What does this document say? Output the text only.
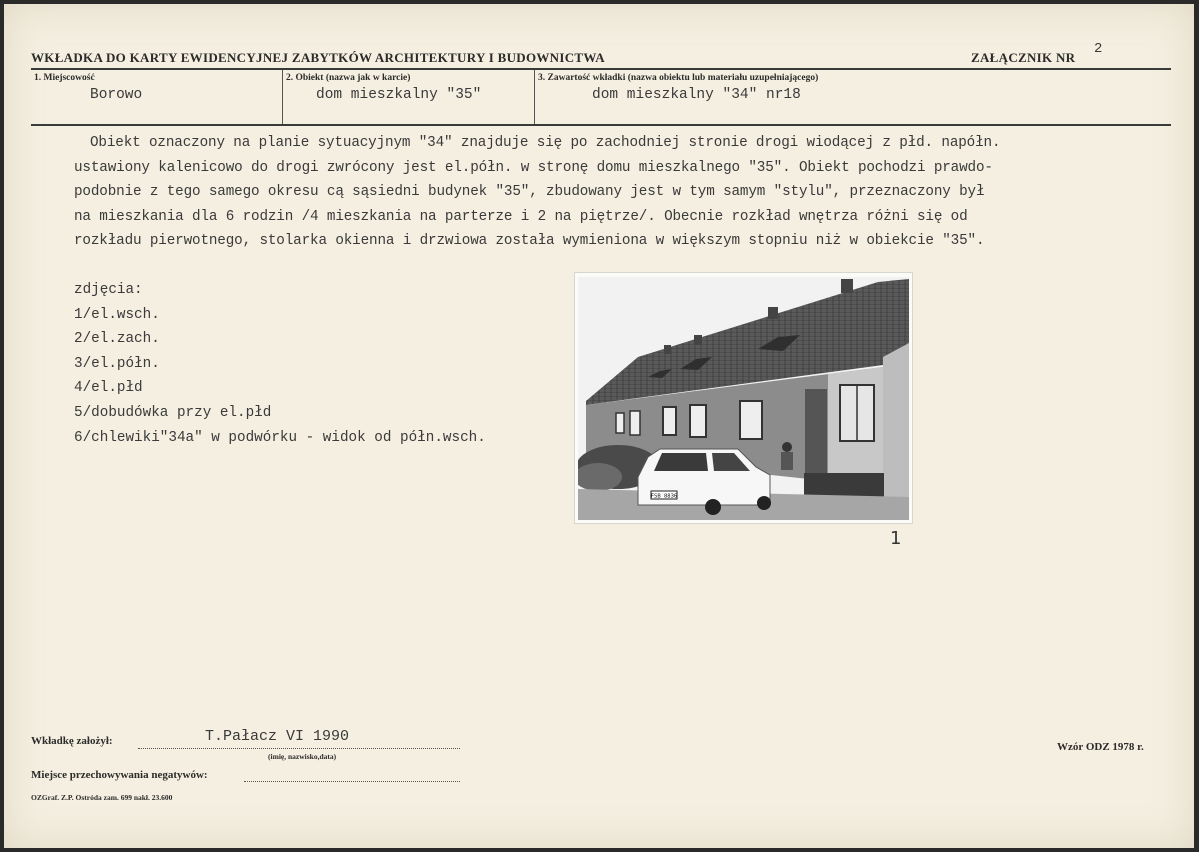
WKŁADKA DO KARTY EWIDENCYJNEJ ZABYTKÓW ARCHITEKTURY I BUDOWNICTWA	ZAŁĄCZNIK NR
2
1. Miejscowość
Borowo
2. Obiekt (nazwa jak w karcie)
dom mieszkalny "35"
3. Zawartość wkładki (nazwa obiektu lub materiału uzupełniającego)
dom mieszkalny "34" nr18
Obiekt oznaczony na planie sytuacyjnym "34" znajduje się po zachodniej stronie drogi wiodącej z płd. napółn.
ustawiony kalenicowo do drogi zwrócony jest el.półn. w stronę domu mieszkalnego "35". Obiekt pochodzi prawdo-
podobnie z tego samego okresu cą sąsiedni budynek "35", zbudowany jest w tym samym "stylu", przeznaczony był
na mieszkania dla 6 rodzin /4 mieszkania na parterze i 2 na piętrze/. Obecnie rozkład wnętrza różni się od
rozkładu pierwotnego, stolarka okienna i drzwiowa została wymieniona w większym stopniu niż w obiekcie "35".
zdjęcia:
1/el.wsch.
2/el.zach.
3/el.półn.
4/el.płd
5/dobudówka przy el.płd
6/chlewiki"34a" w podwórku - widok od półn.wsch.
FSB 8836
1
Wkładkę założył:	T.Pałacz VI 1990
(imię, nazwisko,data)
Miejsce przechowywania negatywów:
OZGraf. Z.P. Ostróda zam. 699 nakł. 23.600
Wzór ODZ 1978 r.
